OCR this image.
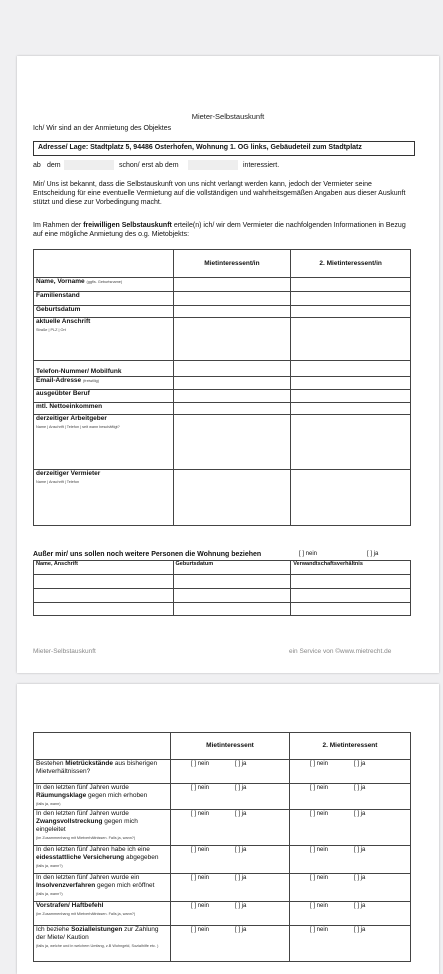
Mieter-Selbstauskunft
Ich/ Wir sind an der Anmietung des Objektes
Adresse/ Lage: Stadtplatz 5, 94486 Osterhofen, Wohnung 1. OG links, Gebäudeteil zum Stadtplatz
ab dem	schon/ erst ab dem	interessiert.
Mir/ Uns ist bekannt, dass die Selbstauskunft von uns nicht verlangt werden kann, jedoch der Vermieter seine Entscheidung für eine eventuelle Vermietung auf die vollständigen und wahrheitsgemäßen Angaben aus dieser Auskunft stützt und diese zur Vorbedingung macht.
Im Rahmen der freiwilligen Selbstauskunft erteile(n) ich/ wir dem Vermieter die nachfolgenden Informationen in Bezug auf eine mögliche Anmietung des o.g. Mietobjekts:
	Mietinteressent/in	2. Mietinteressent/in
Name, Vorname (ggfls. Geburtsname)		
Familienstand		
Geburtsdatum		
aktuelle Anschrift
Straße | PLZ | Ort		
Telefon-Nummer/ Mobilfunk		
Email-Adresse (freiwillig)		
ausgeübter Beruf		
mtl. Nettoeinkommen		
derzeitiger Arbeitgeber
Name | Anschrift | Telefon | seit wann beschäftigt?		
derzeitiger Vermieter
Name | Anschrift | Telefon		
Außer mir/ uns sollen noch weitere Personen die Wohnung beziehen	[ ] nein	[ ] ja
Name, Anschrift	Geburtsdatum	Verwandtschaftsverhältnis

Mieter-Selbstauskunft	ein Service von ©www.mietrecht.de
	Mietinteressent	2. Mietinteressent
Bestehen Mietrückstände aus bisherigen Mietverhältnissen?	[ ] nein [ ] ja	[ ] nein [ ] ja
In den letzten fünf Jahren wurde Räumungsklage gegen mich erhoben
(falls ja, wann)	[ ] nein [ ] ja	[ ] nein [ ] ja
In den letzten fünf Jahren wurde Zwangsvollstreckung gegen mich eingeleitet
(im Zusammenhang mit Mietverhältnissen. Falls ja, wann?)	[ ] nein [ ] ja	[ ] nein [ ] ja
In den letzten fünf Jahren habe ich eine eidesstattliche Versicherung abgegeben
(falls ja, wann?)	[ ] nein [ ] ja	[ ] nein [ ] ja
In den letzten fünf Jahren wurde ein Insolvenzverfahren gegen mich eröffnet
(falls ja, wann?)	[ ] nein [ ] ja	[ ] nein [ ] ja
Vorstrafen/ Haftbefehl
(im Zusammenhang mit Mietverhältnissen. Falls ja, wann?)	[ ] nein [ ] ja	[ ] nein [ ] ja
Ich beziehe Sozialleistungen zur Zahlung der Miete/ Kaution
(falls ja, welche und in welchem Umfang, z.B Wohngeld, Sozialhilfe etc. )	[ ] nein [ ] ja	[ ] nein [ ] ja
